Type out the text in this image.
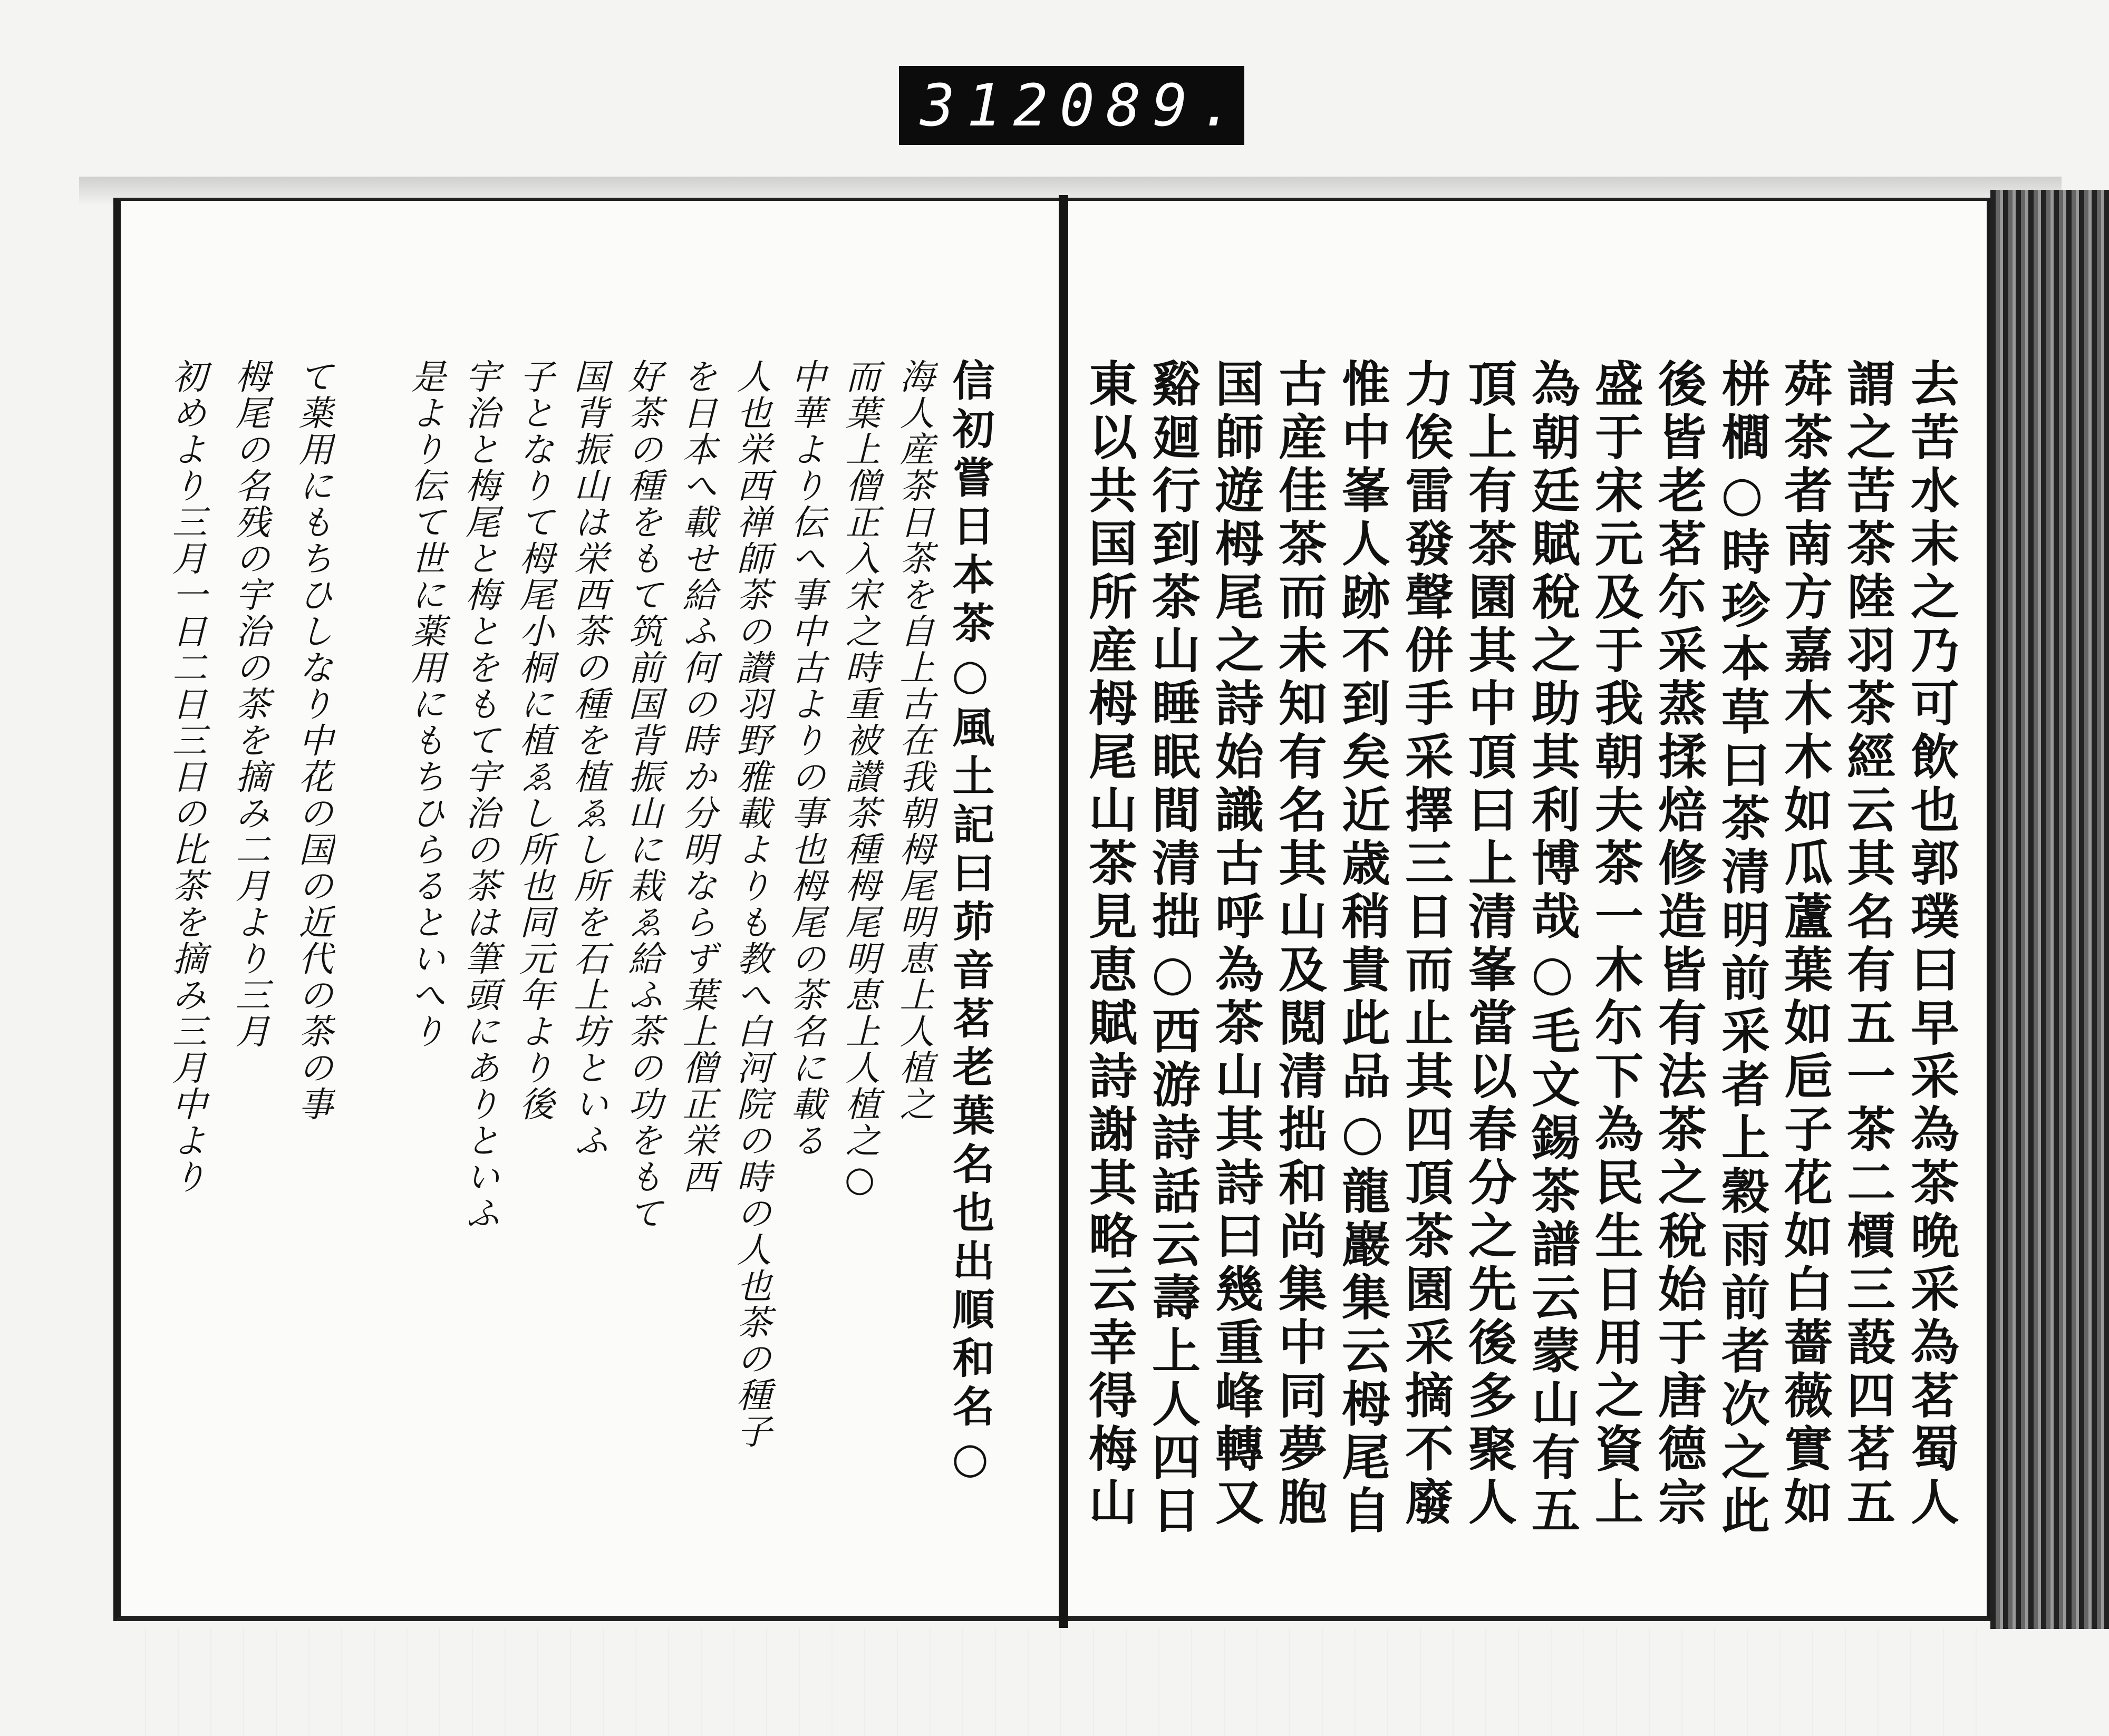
312 089.
去苦水末之乃可飲也郭璞曰早采為茶晩采為茗蜀人
謂之苦茶陸羽茶經云其名有五一茶二檟三蔎四茗五
荈茶者南方嘉木木如瓜蘆葉如巵子花如白薔薇實如
栟櫚○時珍本草曰茶清明前采者上穀雨前者次之此
後皆老茗尓采蒸揉焙修造皆有法茶之稅始于唐德宗
盛于宋元及于我朝夫茶一木尓下為民生日用之資上
為朝廷賦稅之助其利博哉○毛文錫茶譜云蒙山有五
頂上有茶園其中頂曰上清峯當以春分之先後多聚人
力俟雷發聲併手采擇三日而止其四頂茶園采摘不廢
惟中峯人跡不到矣近歳稍貴此品○龍巖集云栂尾自
古産佳茶而未知有名其山及閲清拙和尚集中同夢胞
国師遊栂尾之詩始識古呼為茶山其詩曰幾重峰轉又
谿廻行到茶山睡眠間清拙○西游詩話云壽上人四日
東以共国所産栂尾山茶見恵賦詩謝其略云幸得梅山
信初嘗日本茶○風土記曰茆音茗老葉名也出順和名○
海人産茶日茶を自上古在我朝栂尾明恵上人植之
而葉上僧正入宋之時重被讃茶種栂尾明恵上人植之○
中華より伝へ事中古よりの事也栂尾の茶名に載る
人也栄西禅師茶の讃羽野雅載よりも教へ白河院の時の人也茶の種子
を日本へ載せ給ふ何の時か分明ならず葉上僧正栄西
好茶の種をもて筑前国背振山に栽ゑ給ふ茶の功をもて
国背振山は栄西茶の種を植ゑし所を石上坊といふ
子となりて栂尾小桐に植ゑし所也同元年より後
宇治と梅尾と梅とをもて宇治の茶は筆頭にありといふ
是より伝て世に薬用にもちひらるといへり
て薬用にもちひしなり中花の国の近代の茶の事
栂尾の名残の宇治の茶を摘み二月より三月
初めより三月一日二日三日の比茶を摘み三月中より
